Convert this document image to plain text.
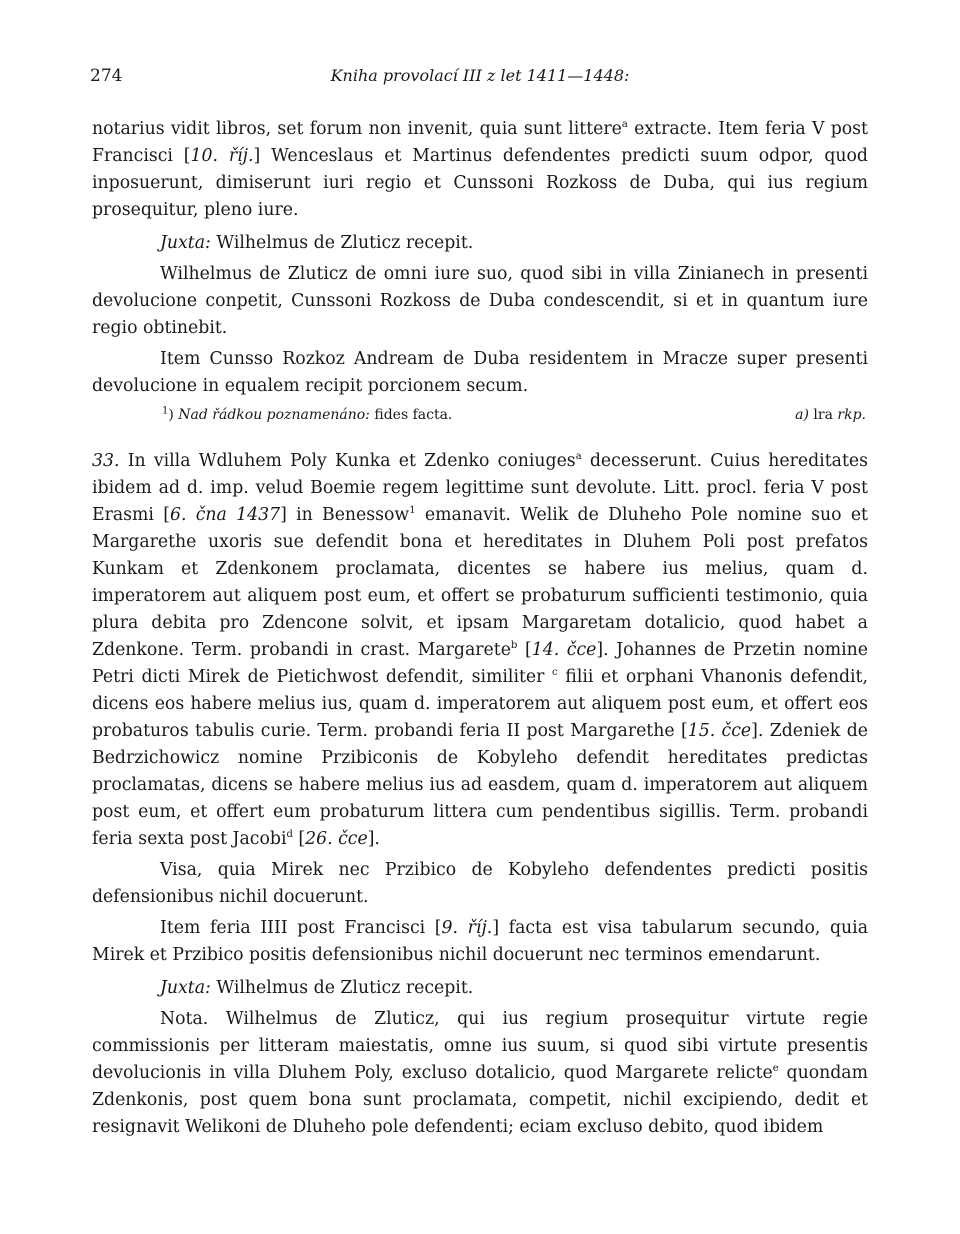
274	Kniha provolací III z let 1411—1448:

notarius vidit libros, set forum non invenit, quia sunt littere$^a$ extracte. Item feria V post Francisci [10. říj.] Wenceslaus et Martinus defendentes predicti suum odpor, quod inposuerunt, dimiserunt iuri regio et Cunssoni Rozkoss de Duba, qui ius regium prosequitur, pleno iure.

Juxta: Wilhelmus de Zluticz recepit.

Wilhelmus de Zluticz de omni iure suo, quod sibi in villa Zinianech in presenti devolucione conpetit, Cunssoni Rozkoss de Duba condescendit, si et in quantum iure regio obtinebit.

Item Cunsso Rozkoz Andream de Duba residentem in Mracze super presenti devolucione in equalem recipit porcionem secum.

$^1$) Nad řádkou poznamenáno: fides facta.	a) lra rkp.

33. In villa Wdluhem Poly Kunka et Zdenko coniuges$^a$ decesserunt. Cuius hereditates ibidem ad d. imp. velud Boemie regem legittime sunt devolute. Litt. procl. feria V post Erasmi [6. čna 1437] in Benessow$^1$ emanavit. Welik de Dluheho Pole nomine suo et Margarethe uxoris sue defendit bona et hereditates in Dluhem Poli post prefatos Kunkam et Zdenkonem proclamata, dicentes se habere ius melius, quam d. imperatorem aut aliquem post eum, et offert se probaturum sufficienti testimonio, quia plura debita pro Zdencone solvit, et ipsam Margaretam dotalicio, quod habet a Zdenkone. Term. probandi in crast. Margarete$^b$ [14. čce]. Johannes de Przetin nomine Petri dicti Mirek de Pietichwost defendit, similiter $^c$ filii et orphani Vhanonis defendit, dicens eos habere melius ius, quam d. imperatorem aut aliquem post eum, et offert eos probaturos tabulis curie. Term. probandi feria II post Margarethe [15. čce]. Zdeniek de Bedrzichowicz nomine Przibiconis de Kobyleho defendit hereditates predictas proclamatas, dicens se habere melius ius ad easdem, quam d. imperatorem aut aliquem post eum, et offert eum probaturum littera cum pendentibus sigillis. Term. probandi feria sexta post Jacobi$^d$ [26. čce].

Visa, quia Mirek nec Przibico de Kobyleho defendentes predicti positis defensionibus nichil docuerunt.

Item feria IIII post Francisci [9. říj.] facta est visa tabularum secundo, quia Mirek et Przibico positis defensionibus nichil docuerunt nec terminos emendarunt.

Juxta: Wilhelmus de Zluticz recepit.

Nota. Wilhelmus de Zluticz, qui ius regium prosequitur virtute regie commissionis per litteram maiestatis, omne ius suum, si quod sibi virtute presentis devolucionis in villa Dluhem Poly, excluso dotalicio, quod Margarete relicte$^e$ quondam Zdenkonis, post quem bona sunt proclamata, competit, nichil excipiendo, dedit et resignavit Welikoni de Dluheho pole defendenti; eciam excluso debito, quod ibidem
